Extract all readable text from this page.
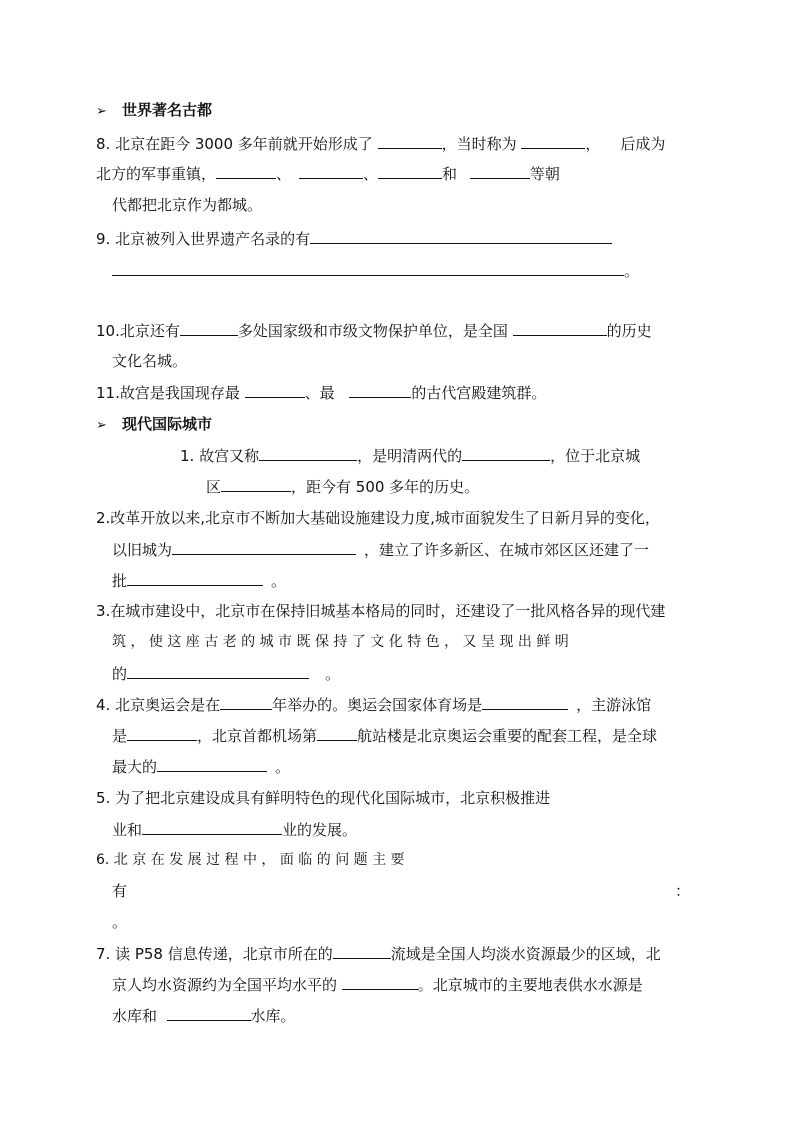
➢ 世界著名古都
8. 北京在距今 3000 多年前就开始形成了	，当时称为	， 后成为
北方的军事重镇，	、	、	和	等朝
代都把北京作为都城。
9. 北京被列入世界遗产名录的有
。
10.北京还有	多处国家级和市级文物保护单位，是全国	的历史
文化名城。
11.故宫是我国现存最	、最	的古代宫殿建筑群。
➢ 现代国际城市
1. 故宫又称	，是明清两代的	，位于北京城
区	，距今有 500 多年的历史。
2.改革开放以来,北京市不断加大基础设施建设力度,城市面貌发生了日新月异的变化，
以旧城为	，建立了许多新区、在城市郊区区还建了一
批	。
3.在城市建设中，北京市在保持旧城基本格局的同时，还建设了一批风格各异的现代建
筑 ， 使 这 座 古 老 的 城 市 既 保 持 了 文 化 特 色 ， 又 呈 现 出 鲜 明
的	。
4. 北京奥运会是在	年举办的。奥运会国家体育场是	，主游泳馆
是	，北京首都机场第	航站楼是北京奥运会重要的配套工程，是全球
最大的	。
5. 为了把北京建设成具有鲜明特色的现代化国际城市，北京积极推进
业和	业的发展。
6. 北 京 在 发 展 过 程 中 ， 面 临 的 问 题 主 要
有	：
。
7. 读 P58 信息传递，北京市所在的	流域是全国人均淡水资源最少的区域，北
京人均水资源约为全国平均水平的	。北京城市的主要地表供水水源是
水库和	水库。
